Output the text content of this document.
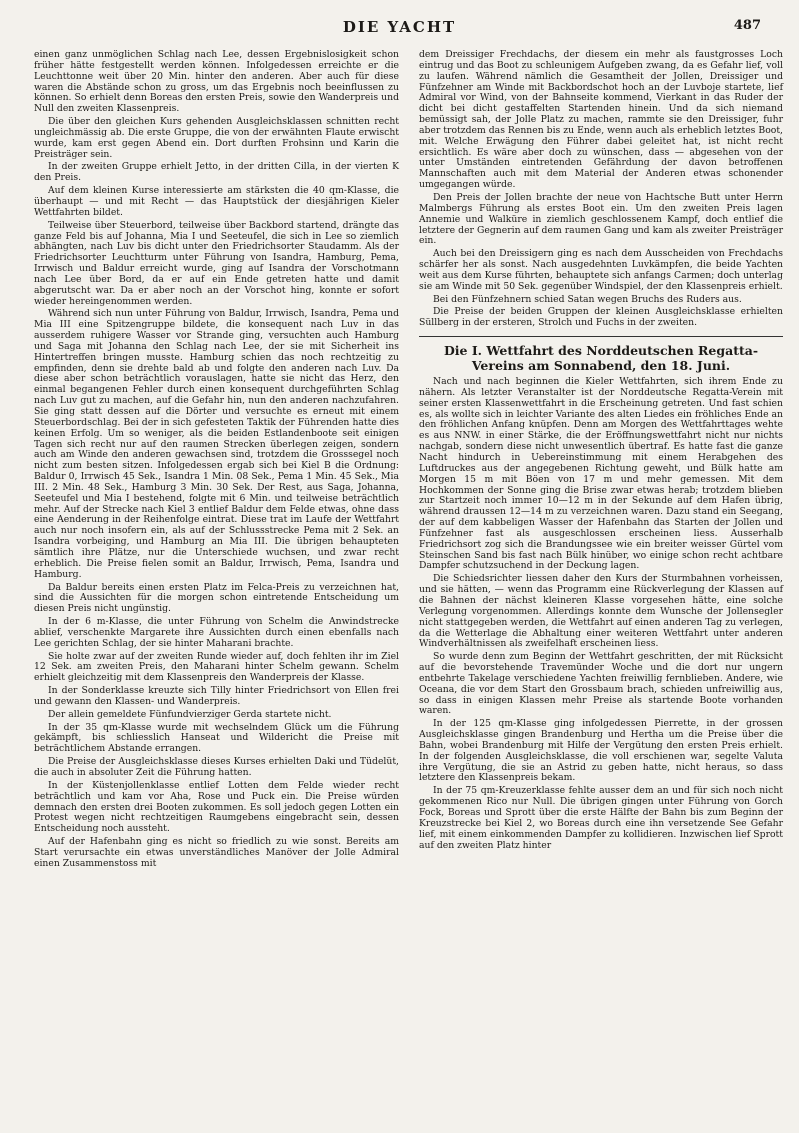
DIE YACHT	487

einen ganz unmöglichen Schlag nach Lee, dessen Ergebnislosigkeit schon früher hätte festgestellt werden können. Infolgedessen erreichte er die Leuchttonne weit über 20 Min. hinter den anderen. Aber auch für diese waren die Abstände schon zu gross, um das Ergebnis noch beeinflussen zu können. So erhielt denn Boreas den ersten Preis, sowie den Wanderpreis und Null den zweiten Klassenpreis.

Die über den gleichen Kurs gehenden Ausgleichsklassen schnitten recht ungleichmässig ab. Die erste Gruppe, die von der erwähnten Flaute erwischt wurde, kam erst gegen Abend ein. Dort durften Frohsinn und Karin die Preisträger sein.

In der zweiten Gruppe erhielt Jetto, in der dritten Cilla, in der vierten K den Preis.

Auf dem kleinen Kurse interessierte am stärksten die 40 qm-Klasse, die überhaupt — und mit Recht — das Hauptstück der diesjährigen Kieler Wettfahrten bildet.

Teilweise über Steuerbord, teilweise über Backbord startend, drängte das ganze Feld bis auf Johanna, Mia I und Seeteufel, die sich in Lee so ziemlich abhängten, nach Luv bis dicht unter den Friedrichsorter Staudamm. Als der Friedrichsorter Leuchtturm unter Führung von Isandra, Hamburg, Pema, Irrwisch und Baldur erreicht wurde, ging auf Isandra der Vorschotmann nach Lee über Bord, da er auf ein Ende getreten hatte und damit abgerutscht war. Da er aber noch an der Vorschot hing, konnte er sofort wieder hereingenommen werden.

Während sich nun unter Führung von Baldur, Irrwisch, Isandra, Pema und Mia III eine Spitzengruppe bildete, die konsequent nach Luv in das ausserdem ruhigere Wasser vor Strande ging, versuchten auch Hamburg und Saga mit Johanna den Schlag nach Lee, der sie mit Sicherheit ins Hintertreffen bringen musste. Hamburg schien das noch rechtzeitig zu empfinden, denn sie drehte bald ab und folgte den anderen nach Luv. Da diese aber schon beträchtlich vorauslagen, hatte sie nicht das Herz, den einmal begangenen Fehler durch einen konsequent durchgeführten Schlag nach Luv gut zu machen, auf die Gefahr hin, nun den anderen nachzufahren. Sie ging statt dessen auf die Dörter und versuchte es erneut mit einem Steuerbordschlag. Bei der in sich gefesteten Taktik der Führenden hatte dies keinen Erfolg. Um so weniger, als die beiden Estlandenboote seit einigen Tagen sich recht nur auf den raumen Strecken überlegen zeigen, sondern auch am Winde den anderen gewachsen sind, trotzdem die Grosssegel noch nicht zum besten sitzen. Infolgedessen ergab sich bei Kiel B die Ordnung: Baldur 0, Irrwisch 45 Sek., Isandra 1 Min. 08 Sek., Pema 1 Min. 45 Sek., Mia III. 2 Min. 48 Sek., Hamburg 3 Min. 30 Sek. Der Rest, aus Saga, Johanna, Seeteufel und Mia I bestehend, folgte mit 6 Min. und teilweise beträchtlich mehr. Auf der Strecke nach Kiel 3 entlief Baldur dem Felde etwas, ohne dass eine Aenderung in der Reihenfolge eintrat. Diese trat im Laufe der Wettfahrt auch nur noch insofern ein, als auf der Schlussstrecke Pema mit 2 Sek. an Isandra vorbeiging, und Hamburg an Mia III. Die übrigen behaupteten sämtlich ihre Plätze, nur die Unterschiede wuchsen, und zwar recht erheblich. Die Preise fielen somit an Baldur, Irrwisch, Pema, Isandra und Hamburg.

Da Baldur bereits einen ersten Platz im Felca-Preis zu verzeichnen hat, sind die Aussichten für die morgen schon eintretende Entscheidung um diesen Preis nicht ungünstig.

In der 6 m-Klasse, die unter Führung von Schelm die Anwindstrecke ablief, verschenkte Margarete ihre Aussichten durch einen ebenfalls nach Lee gerichten Schlag, der sie hinter Maharani brachte.

Sie holte zwar auf der zweiten Runde wieder auf, doch fehlten ihr im Ziel 12 Sek. am zweiten Preis, den Maharani hinter Schelm gewann. Schelm erhielt gleichzeitig mit dem Klassenpreis den Wanderpreis der Klasse.

In der Sonderklasse kreuzte sich Tilly hinter Friedrichsort von Ellen frei und gewann den Klassen- und Wanderpreis.

Der allein gemeldete Fünfundvierziger Gerda startete nicht.

In der 35 qm-Klasse wurde mit wechselndem Glück um die Führung gekämpft, bis schliesslich Hanseat und Wildericht die Preise mit beträchtlichem Abstande errangen.

Die Preise der Ausgleichsklasse dieses Kurses erhielten Daki und Tüdelüt, die auch in absoluter Zeit die Führung hatten.

In der Küstenjollenklasse entlief Lotten dem Felde wieder recht beträchtlich und kam vor Aha, Rose und Puck ein. Die Preise würden demnach den ersten drei Booten zukommen. Es soll jedoch gegen Lotten ein Protest wegen nicht rechtzeitigen Raumgebens eingebracht sein, dessen Entscheidung noch aussteht.

Auf der Hafenbahn ging es nicht so friedlich zu wie sonst. Bereits am Start verursachte ein etwas unverständliches Manöver der Jolle Admiral einen Zusammenstoss mit

dem Dreissiger Frechdachs, der diesem ein mehr als faustgrosses Loch eintrug und das Boot zu schleunigem Aufgeben zwang, da es Gefahr lief, voll zu laufen. Während nämlich die Gesamtheit der Jollen, Dreissiger und Fünfzehner am Winde mit Backbordschot hoch an der Luvboje startete, lief Admiral vor Wind, von der Bahnseite kommend, Vierkant in das Ruder der dicht bei dicht gestaffelten Startenden hinein. Und da sich niemand bemüssigt sah, der Jolle Platz zu machen, rammte sie den Dreissiger, fuhr aber trotzdem das Rennen bis zu Ende, wenn auch als erheblich letztes Boot, mit. Welche Erwägung den Führer dabei geleitet hat, ist nicht recht ersichtlich. Es wäre aber doch zu wünschen, dass — abgesehen von der unter Umständen eintretenden Gefährdung der davon betroffenen Mannschaften auch mit dem Material der Anderen etwas schonender umgegangen würde.

Den Preis der Jollen brachte der neue von Hachtsche Butt unter Herrn Malmbergs Führung als erstes Boot ein. Um den zweiten Preis lagen Annemie und Walküre in ziemlich geschlossenem Kampf, doch entlief die letztere der Gegnerin auf dem raumen Gang und kam als zweiter Preisträger ein.

Auch bei den Dreissigern ging es nach dem Ausscheiden von Frechdachs schärfer her als sonst. Nach ausgedehnten Luvkämpfen, die beide Yachten weit aus dem Kurse führten, behauptete sich anfangs Carmen; doch unterlag sie am Winde mit 50 Sek. gegenüber Windspiel, der den Klassenpreis erhielt.

Bei den Fünfzehnern schied Satan wegen Bruchs des Ruders aus.

Die Preise der beiden Gruppen der kleinen Ausgleichsklasse erhielten Süllberg in der ersteren, Strolch und Fuchs in der zweiten.

Die I. Wettfahrt des Norddeutschen Regatta-Vereins am Sonnabend, den 18. Juni.

Nach und nach beginnen die Kieler Wettfahrten, sich ihrem Ende zu nähern. Als letzter Veranstalter ist der Norddeutsche Regatta-Verein mit seiner ersten Klassenwettfahrt in die Erscheinung getreten. Und fast schien es, als wollte sich in leichter Variante des alten Liedes ein fröhliches Ende an den fröhlichen Anfang knüpfen. Denn am Morgen des Wettfahrttages wehte es aus NNW. in einer Stärke, die der Eröffnungswettfahrt nicht nur nichts nachgab, sondern diese nicht unwesentlich übertraf. Es hatte fast die ganze Nacht hindurch in Uebereinstimmung mit einem Herabgehen des Luftdruckes aus der angegebenen Richtung geweht, und Bülk hatte am Morgen 15 m mit Böen von 17 m und mehr gemessen. Mit dem Hochkommen der Sonne ging die Brise zwar etwas herab; trotzdem blieben zur Startzeit noch immer 10—12 m in der Sekunde auf dem Hafen übrig, während draussen 12—14 m zu verzeichnen waren. Dazu stand ein Seegang, der auf dem kabbeligen Wasser der Hafenbahn das Starten der Jollen und Fünfzehner fast als ausgeschlossen erscheinen liess. Ausserhalb Friedrichsort zog sich die Brandungssee wie ein breiter weisser Gürtel vom Steinschen Sand bis fast nach Bülk hinüber, wo einige schon recht achtbare Dampfer schutzsuchend in der Deckung lagen.

Die Schiedsrichter liessen daher den Kurs der Sturmbahnen vorheissen, und sie hätten, — wenn das Programm eine Rückverlegung der Klassen auf die Bahnen der nächst kleineren Klasse vorgesehen hätte, eine solche Verlegung vorgenommen. Allerdings konnte dem Wunsche der Jollensegler nicht stattgegeben werden, die Wettfahrt auf einen anderen Tag zu verlegen, da die Wetterlage die Abhaltung einer weiteren Wettfahrt unter anderen Windverhältnissen als zweifelhaft erscheinen liess.

So wurde denn zum Beginn der Wettfahrt geschritten, der mit Rücksicht auf die bevorstehende Travemünder Woche und die dort nur ungern entbehrte Takelage verschiedene Yachten freiwillig fernblieben. Andere, wie Oceana, die vor dem Start den Grossbaum brach, schieden unfreiwillig aus, so dass in einigen Klassen mehr Preise als startende Boote vorhanden waren.

In der 125 qm-Klasse ging infolgedessen Pierrette, in der grossen Ausgleichsklasse gingen Brandenburg und Hertha um die Preise über die Bahn, wobei Brandenburg mit Hilfe der Vergütung den ersten Preis erhielt. In der folgenden Ausgleichsklasse, die voll erschienen war, segelte Valuta ihre Vergütung, die sie an Astrid zu geben hatte, nicht heraus, so dass letztere den Klassenpreis bekam.

In der 75 qm-Kreuzerklasse fehlte ausser dem an und für sich noch nicht gekommenen Rico nur Null. Die übrigen gingen unter Führung von Gorch Fock, Boreas und Sprott über die erste Hälfte der Bahn bis zum Beginn der Kreuzstrecke bei Kiel 2, wo Boreas durch eine ihn versetzende See Gefahr lief, mit einem einkommenden Dampfer zu kollidieren. Inzwischen lief Sprott auf den zweiten Platz hinter
